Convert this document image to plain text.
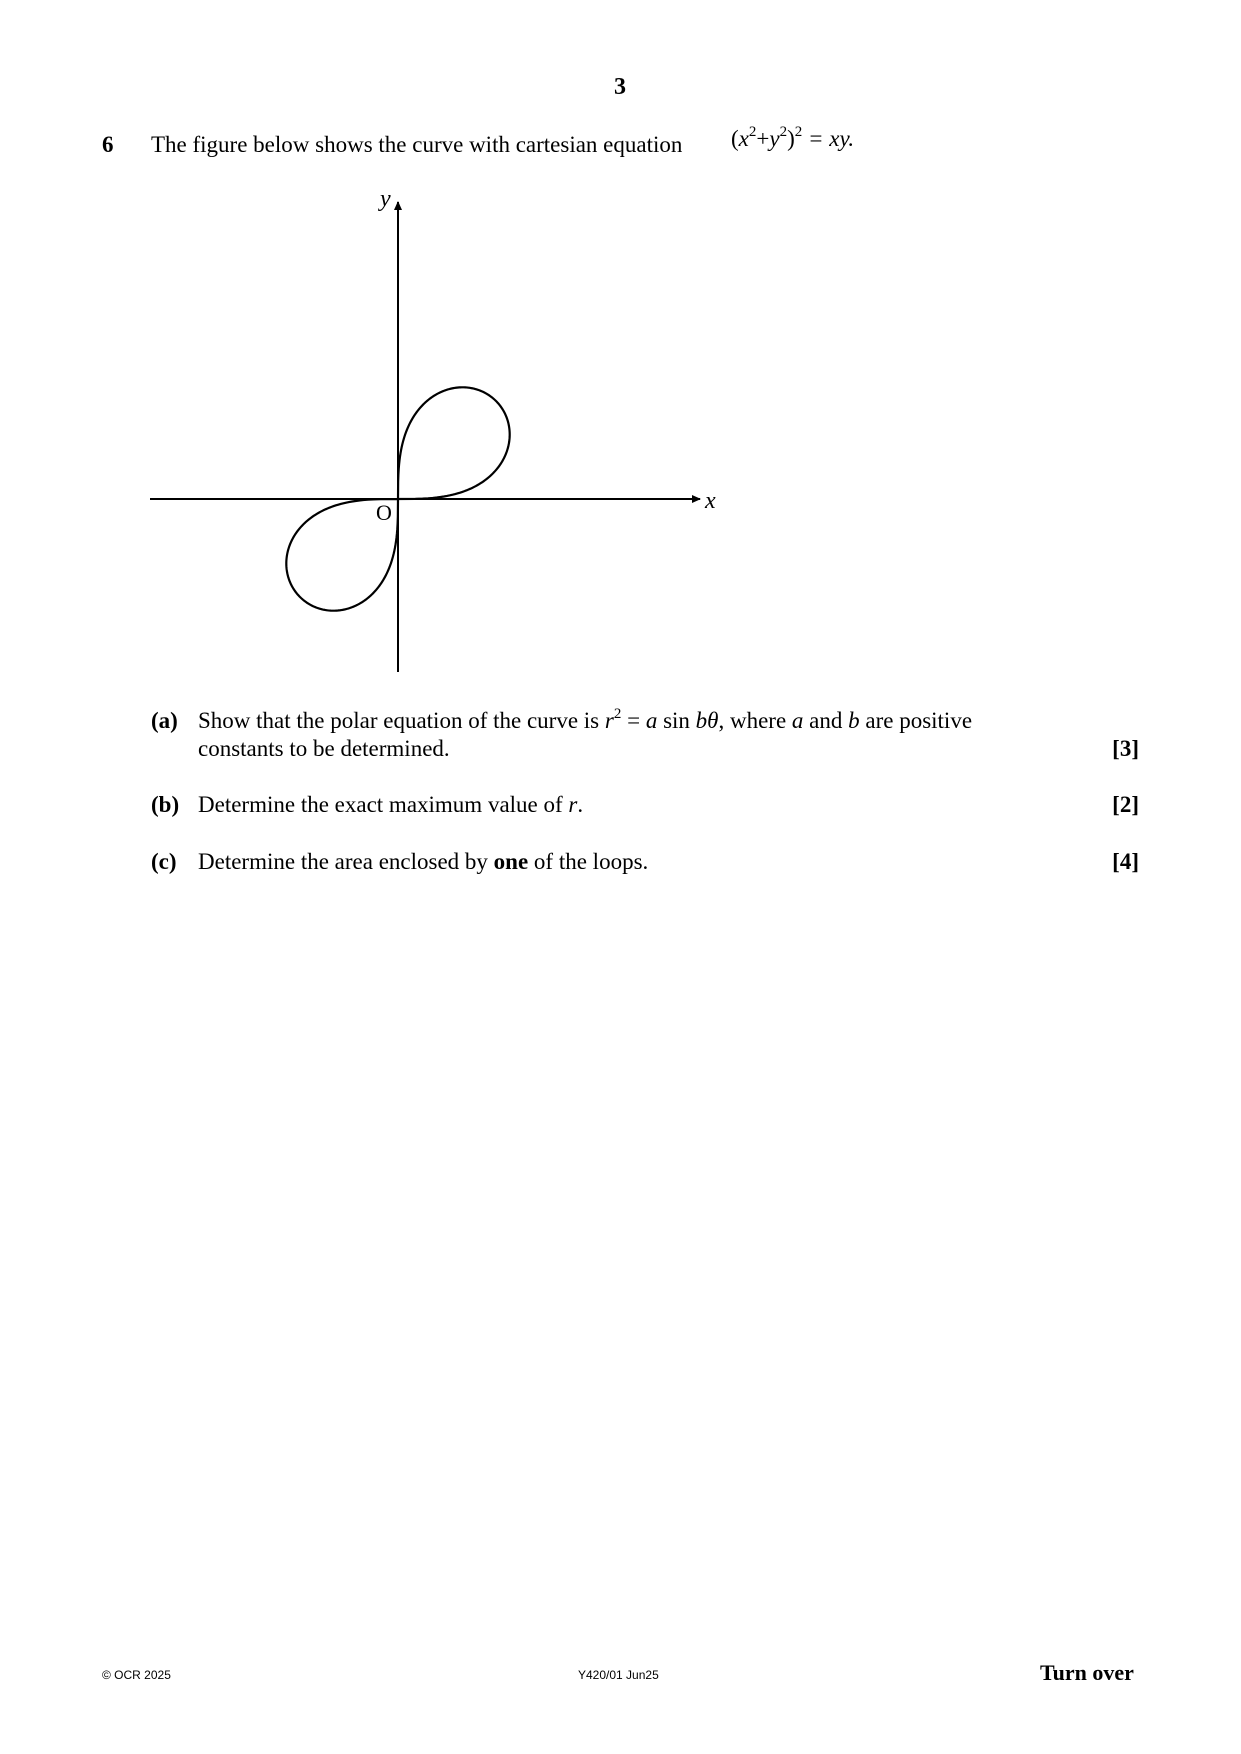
3
6 The figure below shows the curve with cartesian equation $(x^2+y^2)^2$ = xy.
y
x
O
(a) Show that the polar equation of the curve is $r^2 = a$ sin bθ, where a and b are positive
constants to be determined.	[3]
(b) Determine the exact maximum value of r.	[2]
(c) Determine the area enclosed by one of the loops.	[4]
© OCR 2025	Y420/01 Jun25	Turn over
